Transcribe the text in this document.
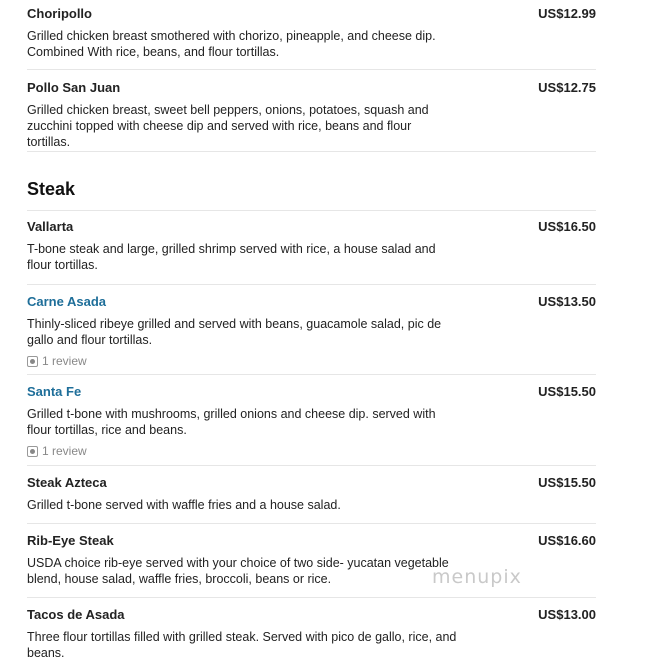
US$12.99
Choripollo
Grilled chicken breast smothered with chorizo, pineapple, and cheese dip. Combined With rice, beans, and flour tortillas.
US$12.75
Pollo San Juan
Grilled chicken breast, sweet bell peppers, onions, potatoes, squash and zucchini topped with cheese dip and served with rice, beans and flour tortillas.
Steak
US$16.50
Vallarta
T-bone steak and large, grilled shrimp served with rice, a house salad and flour tortillas.
US$13.50
Carne Asada
Thinly-sliced ribeye grilled and served with beans, guacamole salad, pic de gallo and flour tortillas.
1 review
US$15.50
Santa Fe
Grilled t-bone with mushrooms, grilled onions and cheese dip. served with flour tortillas, rice and beans.
1 review
US$15.50
Steak Azteca
Grilled t-bone served with waffle fries and a house salad.
US$16.60
Rib-Eye Steak
USDA choice rib-eye served with your choice of two side- yucatan vegetable blend, house salad, waffle fries, broccoli, beans or rice.
US$13.00
Tacos de Asada
Three flour tortillas filled with grilled steak. Served with pico de gallo, rice, and beans.
menupix
